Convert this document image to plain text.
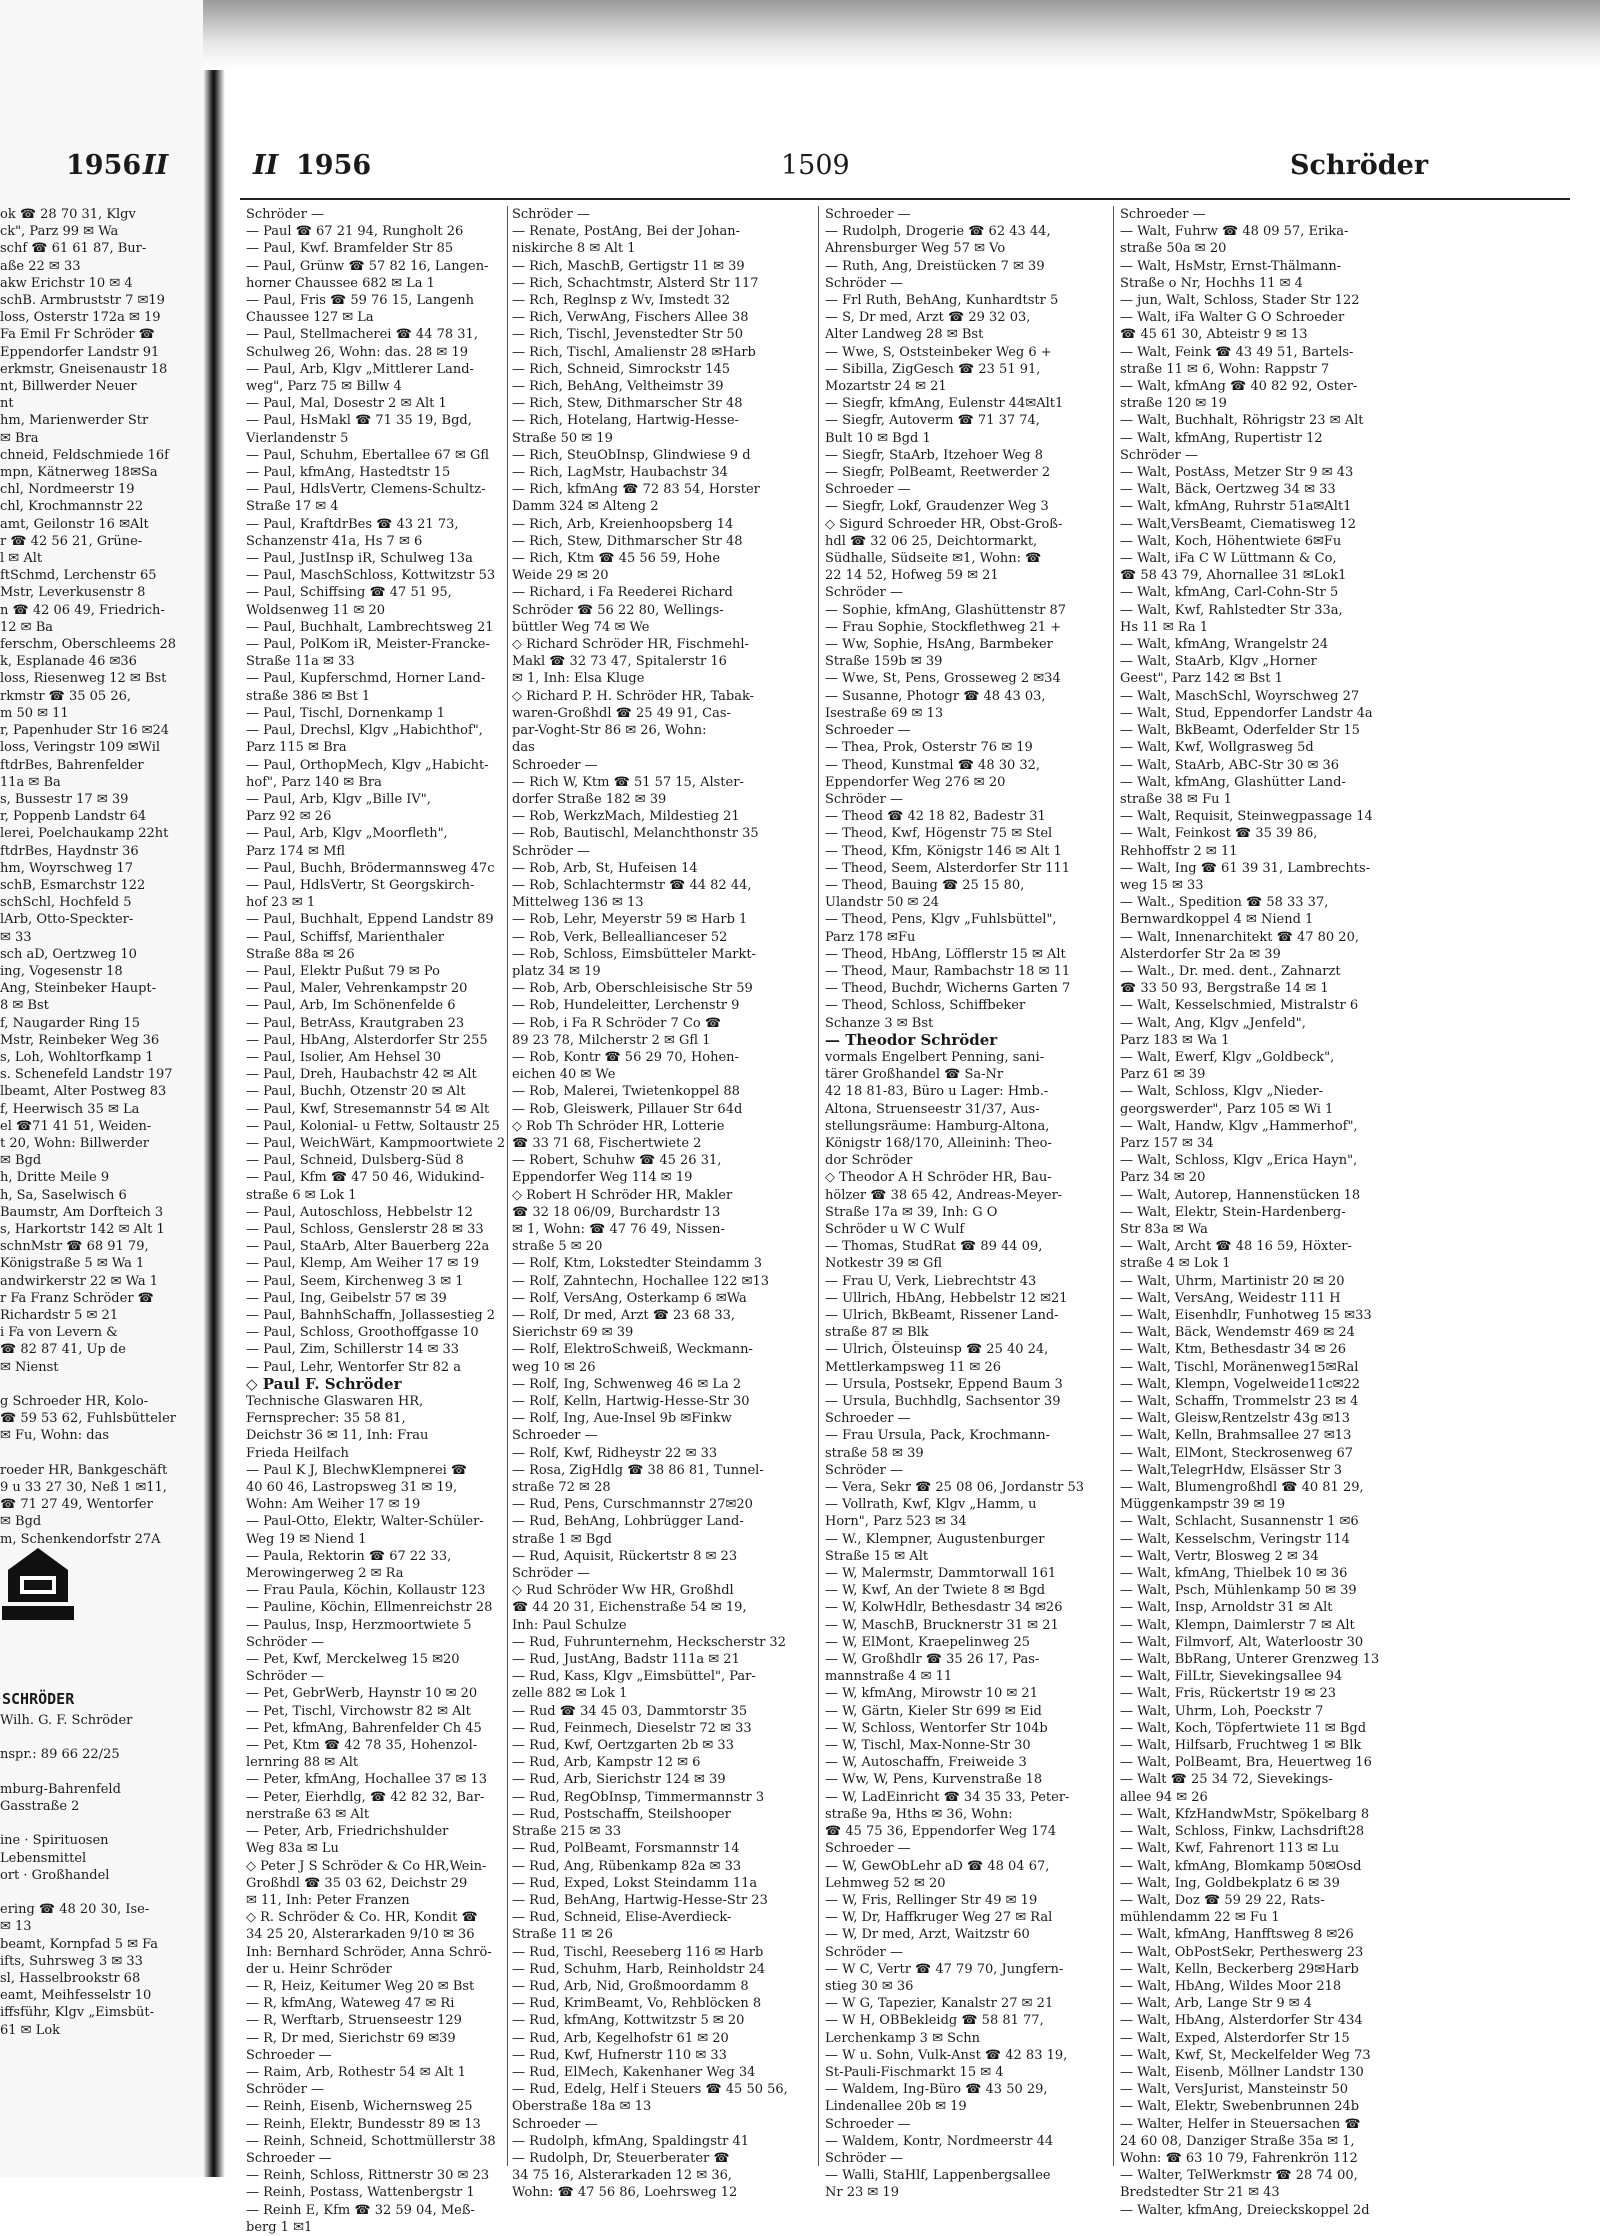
1956 II	II 1956	1509	Schröder
ok ☎ 28 70 31, Klgv
ck", Parz 99 ✉ Wa
schf ☎ 61 61 87, Bur-
aße 22 ✉ 33
akw Erichstr 10 ✉ 4
schB. Armbruststr 7 ✉19
loss, Osterstr 172a ✉ 19
Fa Emil Fr Schröder ☎
Eppendorfer Landstr 91
erkmstr, Gneisenaustr 18
nt, Billwerder Neuer
nt
hm, Marienwerder Str
✉ Bra
chneid, Feldschmiede 16f
mpn, Kätnerweg 18✉Sa
chl, Nordmeerstr 19
chl, Krochmannstr 22
amt, Geilonstr 16 ✉Alt
r ☎ 42 56 21, Grüne-
l ✉ Alt
ftSchmd, Lerchenstr 65
Mstr, Leverkusenstr 8
n ☎ 42 06 49, Friedrich-
12 ✉ Ba
ferschm, Oberschleems 28
k, Esplanade 46 ✉36
loss, Riesenweg 12 ✉ Bst
rkmstr ☎ 35 05 26,
m 50 ✉ 11
r, Papenhuder Str 16 ✉24
loss, Veringstr 109 ✉Wil
ftdrBes, Bahrenfelder
11a ✉ Ba
s, Bussestr 17 ✉ 39
r, Poppenb Landstr 64
lerei, Poelchaukamp 22ht
ftdrBes, Haydnstr 36
hm, Woyrschweg 17
schB, Esmarchstr 122
schSchl, Hochfeld 5
lArb, Otto-Speckter-
✉ 33
sch aD, Oertzweg 10
ing, Vogesenstr 18
Ang, Steinbeker Haupt-
8 ✉ Bst
f, Naugarder Ring 15
Mstr, Reinbeker Weg 36
s, Loh, Wohltorfkamp 1
s. Schenefeld Landstr 197
lbeamt, Alter Postweg 83
f, Heerwisch 35 ✉ La
el ☎71 41 51, Weiden-
t 20, Wohn: Billwerder
✉ Bgd
h, Dritte Meile 9
h, Sa, Saselwisch 6
Baumstr, Am Dorfteich 3
s, Harkortstr 142 ✉ Alt 1
schnMstr ☎ 68 91 79,
Königstraße 5 ✉ Wa 1
andwirkerstr 22 ✉ Wa 1
r Fa Franz Schröder ☎
Richardstr 5 ✉ 21
i Fa von Levern &
☎ 82 87 41, Up de
✉ Nienst

g Schroeder HR, Kolo-
☎ 59 53 62, Fuhlsbütteler
✉ Fu, Wohn: das

roeder HR, Bankgeschäft
9 u 33 27 30, Neß 1 ✉11,
☎ 71 27 49, Wentorfer
✉ Bgd
m, Schenkendorfstr 27A
SCHRÖDER
Wilh. G. F. Schröder

nspr.: 89 66 22/25

mburg-Bahrenfeld
Gasstraße 2

ine · Spirituosen
Lebensmittel
ort · Großhandel

ering ☎ 48 20 30, Ise-
✉ 13
beamt, Kornpfad 5 ✉ Fa
ifts, Suhrsweg 3 ✉ 33
sl, Hasselbrookstr 68
eamt, Meihfesselstr 10
iffsführ, Klgv „Eimsbüt-
61 ✉ Lok
Schröder —
— Paul ☎ 67 21 94, Rungholt 26
— Paul, Kwf. Bramfelder Str 85
— Paul, Grünw ☎ 57 82 16, Langen-
horner Chaussee 682 ✉ La 1
— Paul, Fris ☎ 59 76 15, Langenh
Chaussee 127 ✉ La
— Paul, Stellmacherei ☎ 44 78 31,
Schulweg 26, Wohn: das. 28 ✉ 19
— Paul, Arb, Klgv „Mittlerer Land-
weg", Parz 75 ✉ Billw 4
— Paul, Mal, Dosestr 2 ✉ Alt 1
— Paul, HsMakl ☎ 71 35 19, Bgd,
Vierlandenstr 5
— Paul, Schuhm, Ebertallee 67 ✉ Gfl
— Paul, kfmAng, Hastedtstr 15
— Paul, HdlsVertr, Clemens-Schultz-
Straße 17 ✉ 4
— Paul, KraftdrBes ☎ 43 21 73,
Schanzenstr 41a, Hs 7 ✉ 6
— Paul, JustInsp iR, Schulweg 13a
— Paul, MaschSchloss, Kottwitzstr 53
— Paul, Schiffsing ☎ 47 51 95,
Woldsenweg 11 ✉ 20
— Paul, Buchhalt, Lambrechtsweg 21
— Paul, PolKom iR, Meister-Francke-
Straße 11a ✉ 33
— Paul, Kupferschmd, Horner Land-
straße 386 ✉ Bst 1
— Paul, Tischl, Dornenkamp 1
— Paul, Drechsl, Klgv „Habichthof",
Parz 115 ✉ Bra
— Paul, OrthopMech, Klgv „Habicht-
hof", Parz 140 ✉ Bra
— Paul, Arb, Klgv „Bille IV",
Parz 92 ✉ 26
— Paul, Arb, Klgv „Moorfleth",
Parz 174 ✉ Mfl
— Paul, Buchh, Brödermannsweg 47c
— Paul, HdlsVertr, St Georgskirch-
hof 23 ✉ 1
— Paul, Buchhalt, Eppend Landstr 89
— Paul, Schiffsf, Marienthaler
Straße 88a ✉ 26
— Paul, Elektr Pußut 79 ✉ Po
— Paul, Maler, Vehrenkampstr 20
— Paul, Arb, Im Schönenfelde 6
— Paul, BetrAss, Krautgraben 23
— Paul, HbAng, Alsterdorfer Str 255
— Paul, Isolier, Am Hehsel 30
— Paul, Dreh, Haubachstr 42 ✉ Alt
— Paul, Buchh, Otzenstr 20 ✉ Alt
— Paul, Kwf, Stresemannstr 54 ✉ Alt
— Paul, Kolonial- u Fettw, Soltaustr 25
— Paul, WeichWärt, Kampmoortwiete 2
— Paul, Schneid, Dulsberg-Süd 8
— Paul, Kfm ☎ 47 50 46, Widukind-
straße 6 ✉ Lok 1
— Paul, Autoschloss, Hebbelstr 12
— Paul, Schloss, Genslerstr 28 ✉ 33
— Paul, StaArb, Alter Bauerberg 22a
— Paul, Klemp, Am Weiher 17 ✉ 19
— Paul, Seem, Kirchenweg 3 ✉ 1
— Paul, Ing, Geibelstr 57 ✉ 39
— Paul, BahnhSchaffn, Jollassestieg 2
— Paul, Schloss, Groothoffgasse 10
— Paul, Zim, Schillerstr 14 ✉ 33
— Paul, Lehr, Wentorfer Str 82 a
◇ Paul F. Schröder
Technische Glaswaren HR,
Fernsprecher: 35 58 81,
Deichstr 36 ✉ 11, Inh: Frau
Frieda Heilfach
— Paul K J, BlechwKlempnerei ☎
40 60 46, Lastropsweg 31 ✉ 19,
Wohn: Am Weiher 17 ✉ 19
— Paul-Otto, Elektr, Walter-Schüler-
Weg 19 ✉ Niend 1
— Paula, Rektorin ☎ 67 22 33,
Merowingerweg 2 ✉ Ra
— Frau Paula, Köchin, Kollaustr 123
— Pauline, Köchin, Ellmenreichstr 28
— Paulus, Insp, Herzmoortwiete 5
Schröder —
— Pet, Kwf, Merckelweg 15 ✉20
Schröder —
— Pet, GebrWerb, Haynstr 10 ✉ 20
— Pet, Tischl, Virchowstr 82 ✉ Alt
— Pet, kfmAng, Bahrenfelder Ch 45
— Pet, Ktm ☎ 42 78 35, Hohenzol-
lernring 88 ✉ Alt
— Peter, kfmAng, Hochallee 37 ✉ 13
— Peter, Eierhdlg, ☎ 42 82 32, Bar-
nerstraße 63 ✉ Alt
— Peter, Arb, Friedrichshulder
Weg 83a ✉ Lu
◇ Peter J S Schröder & Co HR,Wein-
Großhdl ☎ 35 03 62, Deichstr 29
✉ 11, Inh: Peter Franzen
◇ R. Schröder & Co. HR, Kondit ☎
34 25 20, Alsterarkaden 9/10 ✉ 36
Inh: Bernhard Schröder, Anna Schrö-
der u. Heinr Schröder
— R, Heiz, Keitumer Weg 20 ✉ Bst
— R, kfmAng, Wateweg 47 ✉ Ri
— R, Werftarb, Struenseestr 129
— R, Dr med, Sierichstr 69 ✉39
Schroeder —
— Raim, Arb, Rothestr 54 ✉ Alt 1
Schröder —
— Reinh, Eisenb, Wichernsweg 25
— Reinh, Elektr, Bundesstr 89 ✉ 13
— Reinh, Schneid, Schottmüllerstr 38
Schroeder —
— Reinh, Schloss, Rittnerstr 30 ✉ 23
— Reinh, Postass, Wattenbergstr 1
— Reinh E, Kfm ☎ 32 59 04, Meß-
berg 1 ✉1
Schröder —
— Renate, PostAng, Bei der Johan-
niskirche 8 ✉ Alt 1
— Rich, MaschB, Gertigstr 11 ✉ 39
— Rich, Schachtmstr, Alsterd Str 117
— Rch, Reglnsp z Wv, Imstedt 32
— Rich, VerwAng, Fischers Allee 38
— Rich, Tischl, Jevenstedter Str 50
— Rich, Tischl, Amalienstr 28 ✉Harb
— Rich, Schneid, Simrockstr 145
— Rich, BehAng, Veltheimstr 39
— Rich, Stew, Dithmarscher Str 48
— Rich, Hotelang, Hartwig-Hesse-
Straße 50 ✉ 19
— Rich, SteuObInsp, Glindwiese 9 d
— Rich, LagMstr, Haubachstr 34
— Rich, kfmAng ☎ 72 83 54, Horster
Damm 324 ✉ Alteng 2
— Rich, Arb, Kreienhoopsberg 14
— Rich, Stew, Dithmarscher Str 48
— Rich, Ktm ☎ 45 56 59, Hohe
Weide 29 ✉ 20
— Richard, i Fa Reederei Richard
Schröder ☎ 56 22 80, Wellings-
büttler Weg 74 ✉ We
◇ Richard Schröder HR, Fischmehl-
Makl ☎ 32 73 47, Spitalerstr 16
✉ 1, Inh: Elsa Kluge
◇ Richard P. H. Schröder HR, Tabak-
waren-Großhdl ☎ 25 49 91, Cas-
par-Voght-Str 86 ✉ 26, Wohn:
das
Schroeder —
— Rich W, Ktm ☎ 51 57 15, Alster-
dorfer Straße 182 ✉ 39
— Rob, WerkzMach, Mildestieg 21
— Rob, Bautischl, Melanchthonstr 35
Schröder —
— Rob, Arb, St, Hufeisen 14
— Rob, Schlachtermstr ☎ 44 82 44,
Mittelweg 136 ✉ 13
— Rob, Lehr, Meyerstr 59 ✉ Harb 1
— Rob, Verk, Belleallianceser 52
— Rob, Schloss, Eimsbütteler Markt-
platz 34 ✉ 19
— Rob, Arb, Oberschleisische Str 59
— Rob, Hundeleitter, Lerchenstr 9
— Rob, i Fa R Schröder 7 Co ☎
89 23 78, Milcherstr 2 ✉ Gfl 1
— Rob, Kontr ☎ 56 29 70, Hohen-
eichen 40 ✉ We
— Rob, Malerei, Twietenkoppel 88
— Rob, Gleiswerk, Pillauer Str 64d
◇ Rob Th Schröder HR, Lotterie
☎ 33 71 68, Fischertwiete 2
— Robert, Schuhw ☎ 45 26 31,
Eppendorfer Weg 114 ✉ 19
◇ Robert H Schröder HR, Makler
☎ 32 18 06/09, Burchardstr 13
✉ 1, Wohn: ☎ 47 76 49, Nissen-
straße 5 ✉ 20
— Rolf, Ktm, Lokstedter Steindamm 3
— Rolf, Zahntechn, Hochallee 122 ✉13
— Rolf, VersAng, Osterkamp 6 ✉Wa
— Rolf, Dr med, Arzt ☎ 23 68 33,
Sierichstr 69 ✉ 39
— Rolf, ElektroSchweiß, Weckmann-
weg 10 ✉ 26
— Rolf, Ing, Schwenweg 46 ✉ La 2
— Rolf, Kelln, Hartwig-Hesse-Str 30
— Rolf, Ing, Aue-Insel 9b ✉Finkw
Schroeder —
— Rolf, Kwf, Ridheystr 22 ✉ 33
— Rosa, ZigHdlg ☎ 38 86 81, Tunnel-
straße 72 ✉ 28
— Rud, Pens, Curschmannstr 27✉20
— Rud, BehAng, Lohbrügger Land-
straße 1 ✉ Bgd
— Rud, Aquisit, Rückertstr 8 ✉ 23
Schröder —
◇ Rud Schröder Ww HR, Großhdl
☎ 44 20 31, Eichenstraße 54 ✉ 19,
Inh: Paul Schulze
— Rud, Fuhrunternehm, Heckscherstr 32
— Rud, JustAng, Badstr 111a ✉ 21
— Rud, Kass, Klgv „Eimsbüttel", Par-
zelle 882 ✉ Lok 1
— Rud ☎ 34 45 03, Dammtorstr 35
— Rud, Feinmech, Dieselstr 72 ✉ 33
— Rud, Kwf, Oertzgarten 2b ✉ 33
— Rud, Arb, Kampstr 12 ✉ 6
— Rud, Arb, Sierichstr 124 ✉ 39
— Rud, RegObInsp, Timmermannstr 3
— Rud, Postschaffn, Steilshooper
Straße 215 ✉ 33
— Rud, PolBeamt, Forsmannstr 14
— Rud, Ang, Rübenkamp 82a ✉ 33
— Rud, Exped, Lokst Steindamm 11a
— Rud, BehAng, Hartwig-Hesse-Str 23
— Rud, Schneid, Elise-Averdieck-
Straße 11 ✉ 26
— Rud, Tischl, Reeseberg 116 ✉ Harb
— Rud, Schuhm, Harb, Reinholdstr 24
— Rud, Arb, Nid, Großmoordamm 8
— Rud, KrimBeamt, Vo, Rehblöcken 8
— Rud, kfmAng, Kottwitzstr 5 ✉ 20
— Rud, Arb, Kegelhofstr 61 ✉ 20
— Rud, Kwf, Hufnerstr 110 ✉ 33
— Rud, ElMech, Kakenhaner Weg 34
— Rud, Edelg, Helf i Steuers ☎ 45 50 56,
Oberstraße 18a ✉ 13
Schroeder —
— Rudolph, kfmAng, Spaldingstr 41
— Rudolph, Dr, Steuerberater ☎
34 75 16, Alsterarkaden 12 ✉ 36,
Wohn: ☎ 47 56 86, Loehrsweg 12
Schroeder —
— Rudolph, Drogerie ☎ 62 43 44,
Ahrensburger Weg 57 ✉ Vo
— Ruth, Ang, Dreistücken 7 ✉ 39
Schröder —
— Frl Ruth, BehAng, Kunhardtstr 5
— S, Dr med, Arzt ☎ 29 32 03,
Alter Landweg 28 ✉ Bst
— Wwe, S, Oststeinbeker Weg 6 +
— Sibilla, ZigGesch ☎ 23 51 91,
Mozartstr 24 ✉ 21
— Siegfr, kfmAng, Eulenstr 44✉Alt1
— Siegfr, Autoverm ☎ 71 37 74,
Bult 10 ✉ Bgd 1
— Siegfr, StaArb, Itzehoer Weg 8
— Siegfr, PolBeamt, Reetwerder 2
Schroeder —
— Siegfr, Lokf, Graudenzer Weg 3
◇ Sigurd Schroeder HR, Obst-Groß-
hdl ☎ 32 06 25, Deichtormarkt,
Südhalle, Südseite ✉1, Wohn: ☎
22 14 52, Hofweg 59 ✉ 21
Schröder —
— Sophie, kfmAng, Glashüttenstr 87
— Frau Sophie, Stockflethweg 21 +
— Ww, Sophie, HsAng, Barmbeker
Straße 159b ✉ 39
— Wwe, St, Pens, Grosseweg 2 ✉34
— Susanne, Photogr ☎ 48 43 03,
Isestraße 69 ✉ 13
Schroeder —
— Thea, Prok, Osterstr 76 ✉ 19
— Theod, Kunstmal ☎ 48 30 32,
Eppendorfer Weg 276 ✉ 20
Schröder —
— Theod ☎ 42 18 82, Badestr 31
— Theod, Kwf, Högenstr 75 ✉ Stel
— Theod, Kfm, Königstr 146 ✉ Alt 1
— Theod, Seem, Alsterdorfer Str 111
— Theod, Bauing ☎ 25 15 80,
Ulandstr 50 ✉ 24
— Theod, Pens, Klgv „Fuhlsbüttel",
Parz 178 ✉Fu
— Theod, HbAng, Löfflerstr 15 ✉ Alt
— Theod, Maur, Rambachstr 18 ✉ 11
— Theod, Buchdr, Wicherns Garten 7
— Theod, Schloss, Schiffbeker
Schanze 3 ✉ Bst
— Theodor Schröder
vormals Engelbert Penning, sani-
tärer Großhandel ☎ Sa-Nr
42 18 81-83, Büro u Lager: Hmb.-
Altona, Struenseestr 31/37, Aus-
stellungsräume: Hamburg-Altona,
Königstr 168/170, Alleininh: Theo-
dor Schröder
◇ Theodor A H Schröder HR, Bau-
hölzer ☎ 38 65 42, Andreas-Meyer-
Straße 17a ✉ 39, Inh: G O
Schröder u W C Wulf
— Thomas, StudRat ☎ 89 44 09,
Notkestr 39 ✉ Gfl
— Frau U, Verk, Liebrechtstr 43
— Ullrich, HbAng, Hebbelstr 12 ✉21
— Ulrich, BkBeamt, Rissener Land-
straße 87 ✉ Blk
— Ulrich, Ölsteuinsp ☎ 25 40 24,
Mettlerkampsweg 11 ✉ 26
— Ursula, Postsekr, Eppend Baum 3
— Ursula, Buchhdlg, Sachsentor 39
Schroeder —
— Frau Ursula, Pack, Krochmann-
straße 58 ✉ 39
Schröder —
— Vera, Sekr ☎ 25 08 06, Jordanstr 53
— Vollrath, Kwf, Klgv „Hamm, u
Horn", Parz 523 ✉ 34
— W., Klempner, Augustenburger
Straße 15 ✉ Alt
— W, Malermstr, Dammtorwall 161
— W, Kwf, An der Twiete 8 ✉ Bgd
— W, KolwHdlr, Bethesdastr 34 ✉26
— W, MaschB, Brucknerstr 31 ✉ 21
— W, ElMont, Kraepelinweg 25
— W, Großhdlr ☎ 35 26 17, Pas-
mannstraße 4 ✉ 11
— W, kfmAng, Mirowstr 10 ✉ 21
— W, Gärtn, Kieler Str 699 ✉ Eid
— W, Schloss, Wentorfer Str 104b
— W, Tischl, Max-Nonne-Str 30
— W, Autoschaffn, Freiweide 3
— Ww, W, Pens, Kurvenstraße 18
— W, LadEinricht ☎ 34 35 33, Peter-
straße 9a, Hths ✉ 36, Wohn:
☎ 45 75 36, Eppendorfer Weg 174
Schroeder —
— W, GewObLehr aD ☎ 48 04 67,
Lehmweg 52 ✉ 20
— W, Fris, Rellinger Str 49 ✉ 19
— W, Dr, Haffkruger Weg 27 ✉ Ral
— W, Dr med, Arzt, Waitzstr 60
Schröder —
— W C, Vertr ☎ 47 79 70, Jungfern-
stieg 30 ✉ 36
— W G, Tapezier, Kanalstr 27 ✉ 21
— W H, OBBekleidg ☎ 58 81 77,
Lerchenkamp 3 ✉ Schn
— W u. Sohn, Vulk-Anst ☎ 42 83 19,
St-Pauli-Fischmarkt 15 ✉ 4
— Waldem, Ing-Büro ☎ 43 50 29,
Lindenallee 20b ✉ 19
Schroeder —
— Waldem, Kontr, Nordmeerstr 44
Schröder —
— Walli, StaHlf, Lappenbergsallee
Nr 23 ✉ 19
Schroeder —
— Walt, Fuhrw ☎ 48 09 57, Erika-
straße 50a ✉ 20
— Walt, HsMstr, Ernst-Thälmann-
Straße o Nr, Hochhs 11 ✉ 4
— jun, Walt, Schloss, Stader Str 122
— Walt, iFa Walter G O Schroeder
☎ 45 61 30, Abteistr 9 ✉ 13
— Walt, Feink ☎ 43 49 51, Bartels-
straße 11 ✉ 6, Wohn: Rappstr 7
— Walt, kfmAng ☎ 40 82 92, Oster-
straße 120 ✉ 19
— Walt, Buchhalt, Röhrigstr 23 ✉ Alt
— Walt, kfmAng, Rupertistr 12
Schröder —
— Walt, PostAss, Metzer Str 9 ✉ 43
— Walt, Bäck, Oertzweg 34 ✉ 33
— Walt, kfmAng, Ruhrstr 51a✉Alt1
— Walt,VersBeamt, Ciematisweg 12
— Walt, Koch, Höhentwiete 6✉Fu
— Walt, iFa C W Lüttmann & Co,
☎ 58 43 79, Ahornallee 31 ✉Lok1
— Walt, kfmAng, Carl-Cohn-Str 5
— Walt, Kwf, Rahlstedter Str 33a,
Hs 11 ✉ Ra 1
— Walt, kfmAng, Wrangelstr 24
— Walt, StaArb, Klgv „Horner
Geest", Parz 142 ✉ Bst 1
— Walt, MaschSchl, Woyrschweg 27
— Walt, Stud, Eppendorfer Landstr 4a
— Walt, BkBeamt, Oderfelder Str 15
— Walt, Kwf, Wollgrasweg 5d
— Walt, StaArb, ABC-Str 30 ✉ 36
— Walt, kfmAng, Glashütter Land-
straße 38 ✉ Fu 1
— Walt, Requisit, Steinwegpassage 14
— Walt, Feinkost ☎ 35 39 86,
Rehhoffstr 2 ✉ 11
— Walt, Ing ☎ 61 39 31, Lambrechts-
weg 15 ✉ 33
— Walt., Spedition ☎ 58 33 37,
Bernwardkoppel 4 ✉ Niend 1
— Walt, Innenarchitekt ☎ 47 80 20,
Alsterdorfer Str 2a ✉ 39
— Walt., Dr. med. dent., Zahnarzt
☎ 33 50 93, Bergstraße 14 ✉ 1
— Walt, Kesselschmied, Mistralstr 6
— Walt, Ang, Klgv „Jenfeld",
Parz 183 ✉ Wa 1
— Walt, Ewerf, Klgv „Goldbeck",
Parz 61 ✉ 39
— Walt, Schloss, Klgv „Nieder-
georgswerder", Parz 105 ✉ Wi 1
— Walt, Handw, Klgv „Hammerhof",
Parz 157 ✉ 34
— Walt, Schloss, Klgv „Erica Hayn",
Parz 34 ✉ 20
— Walt, Autorep, Hannenstücken 18
— Walt, Elektr, Stein-Hardenberg-
Str 83a ✉ Wa
— Walt, Archt ☎ 48 16 59, Höxter-
straße 4 ✉ Lok 1
— Walt, Uhrm, Martinistr 20 ✉ 20
— Walt, VersAng, Weidestr 111 H
— Walt, Eisenhdlr, Funhotweg 15 ✉33
— Walt, Bäck, Wendemstr 469 ✉ 24
— Walt, Ktm, Bethesdastr 34 ✉ 26
— Walt, Tischl, Moränenweg15✉Ral
— Walt, Klempn, Vogelweide11c✉22
— Walt, Schaffn, Trommelstr 23 ✉ 4
— Walt, Gleisw,Rentzelstr 43g ✉13
— Walt, Kelln, Brahmsallee 27 ✉13
— Walt, ElMont, Steckrosenweg 67
— Walt,TelegrHdw, Elsässer Str 3
— Walt, Blumengroßhdl ☎ 40 81 29,
Müggenkampstr 39 ✉ 19
— Walt, Schlacht, Susannenstr 1 ✉6
— Walt, Kesselschm, Veringstr 114
— Walt, Vertr, Blosweg 2 ✉ 34
— Walt, kfmAng, Thielbek 10 ✉ 36
— Walt, Psch, Mühlenkamp 50 ✉ 39
— Walt, Insp, Arnoldstr 31 ✉ Alt
— Walt, Klempn, Daimlerstr 7 ✉ Alt
— Walt, Filmvorf, Alt, Waterloostr 30
— Walt, BbRang, Unterer Grenzweg 13
— Walt, FilLtr, Sievekingsallee 94
— Walt, Fris, Rückertstr 19 ✉ 23
— Walt, Uhrm, Loh, Poeckstr 7
— Walt, Koch, Töpfertwiete 11 ✉ Bgd
— Walt, Hilfsarb, Fruchtweg 1 ✉ Blk
— Walt, PolBeamt, Bra, Heuertweg 16
— Walt ☎ 25 34 72, Sievekings-
allee 94 ✉ 26
— Walt, KfzHandwMstr, Spökelbarg 8
— Walt, Schloss, Finkw, Lachsdrift28
— Walt, Kwf, Fahrenort 113 ✉ Lu
— Walt, kfmAng, Blomkamp 50✉Osd
— Walt, Ing, Goldbekplatz 6 ✉ 39
— Walt, Doz ☎ 59 29 22, Rats-
mühlendamm 22 ✉ Fu 1
— Walt, kfmAng, Hanfftsweg 8 ✉26
— Walt, ObPostSekr, Pertheswerg 23
— Walt, Kelln, Beckerberg 29✉Harb
— Walt, HbAng, Wildes Moor 218
— Walt, Arb, Lange Str 9 ✉ 4
— Walt, HbAng, Alsterdorfer Str 434
— Walt, Exped, Alsterdorfer Str 15
— Walt, Kwf, St, Meckelfelder Weg 73
— Walt, Eisenb, Möllner Landstr 130
— Walt, VersJurist, Mansteinstr 50
— Walt, Elektr, Swebenbrunnen 24b
— Walter, Helfer in Steuersachen ☎
24 60 08, Danziger Straße 35a ✉ 1,
Wohn: ☎ 63 10 79, Fahrenkrön 112
— Walter, TelWerkmstr ☎ 28 74 00,
Bredstedter Str 21 ✉ 43
— Walter, kfmAng, Dreieckskoppel 2d
